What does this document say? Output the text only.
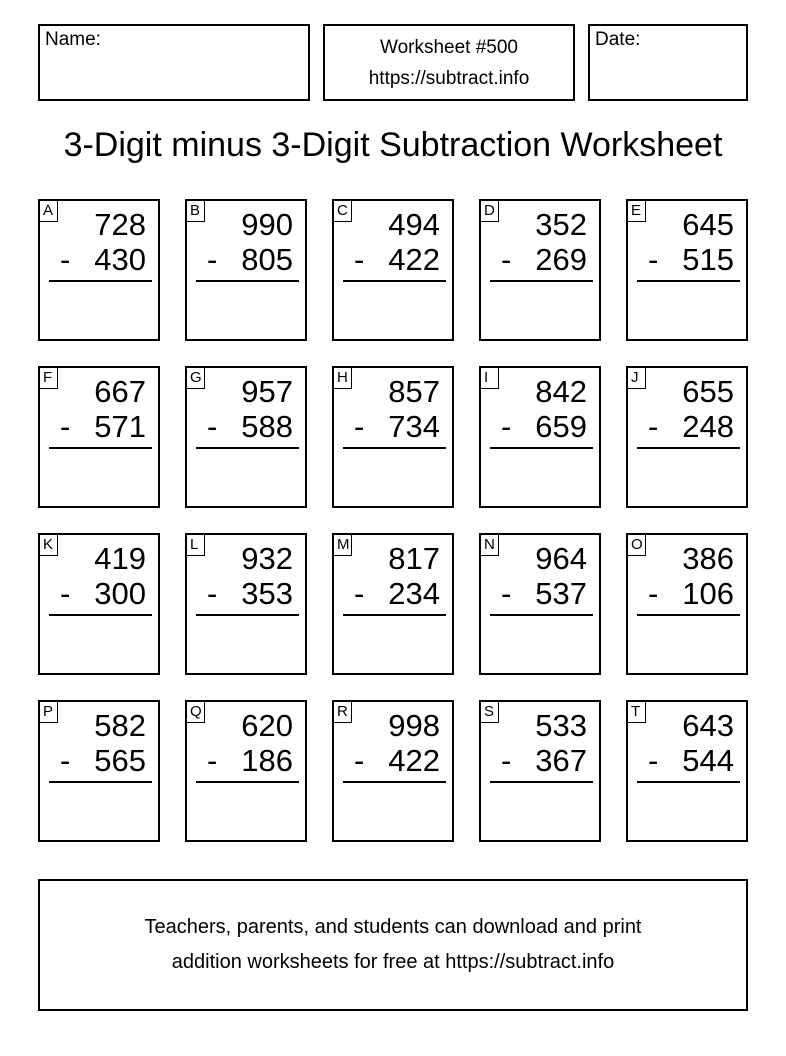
Name:	Worksheet #500
https://subtract.info
Date:
3-Digit minus 3-Digit Subtraction Worksheet
A 728
- 430
B 990
- 805
C 494
- 422
D 352
- 269
E 645
- 515
F 667
- 571
G 957
- 588
H 857
- 734
I	842
- 659
J 655
- 248
K 419
- 300
L 932
- 353
M 817
- 234
N 964
- 537
O 386
- 106
P 582
- 565
Q 620
- 186
R 998
- 422
S 533
- 367
T 643
- 544
Teachers, parents, and students can download and print
addition worksheets for free at https://subtract.info
